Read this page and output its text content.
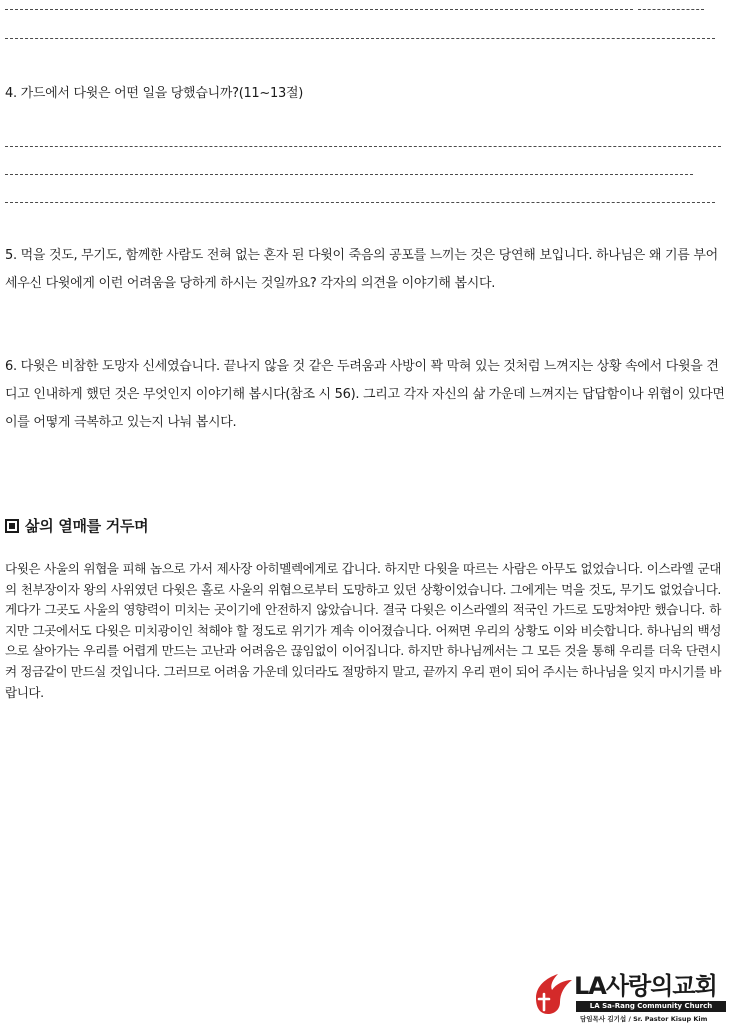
4. 가드에서 다윗은 어떤 일을 당했습니까?(11~13절)

5. 먹을 것도, 무기도, 함께한 사람도 전혀 없는 혼자 된 다윗이 죽음의 공포를 느끼는 것은 당연해 보입니다. 하나님은 왜 기름 부어 세우신 다윗에게 이런 어려움을 당하게 하시는 것일까요? 각자의 의견을 이야기해 봅시다.

6. 다윗은 비참한 도망자 신세였습니다. 끝나지 않을 것 같은 두려움과 사방이 꽉 막혀 있는 것처럼 느껴지는 상황 속에서 다윗을 견디고 인내하게 했던 것은 무엇인지 이야기해 봅시다(참조 시 56). 그리고 각자 자신의 삶 가운데 느껴지는 답답함이나 위협이 있다면 이를 어떻게 극복하고 있는지 나눠 봅시다.

삶의 열매를 거두며

다윗은 사울의 위협을 피해 놉으로 가서 제사장 아히멜렉에게로 갑니다. 하지만 다윗을 따르는 사람은 아무도 없었습니다. 이스라엘 군대의 천부장이자 왕의 사위였던 다윗은 홀로 사울의 위협으로부터 도망하고 있던 상황이었습니다. 그에게는 먹을 것도, 무기도 없었습니다. 게다가 그곳도 사울의 영향력이 미치는 곳이기에 안전하지 않았습니다. 결국 다윗은 이스라엘의 적국인 가드로 도망쳐야만 했습니다. 하지만 그곳에서도 다윗은 미치광이인 척해야 할 정도로 위기가 계속 이어졌습니다. 어쩌면 우리의 상황도 이와 비슷합니다. 하나님의 백성으로 살아가는 우리를 어렵게 만드는 고난과 어려움은 끊임없이 이어집니다. 하지만 하나님께서는 그 모든 것을 통해 우리를 더욱 단련시켜 정금같이 만드실 것입니다. 그러므로 어려움 가운데 있더라도 절망하지 말고, 끝까지 우리 편이 되어 주시는 하나님을 잊지 마시기를 바랍니다.

LA사랑의교회
LA Sa-Rang Community Church
담임목사 김기섭 / Sr. Pastor Kisup Kim
